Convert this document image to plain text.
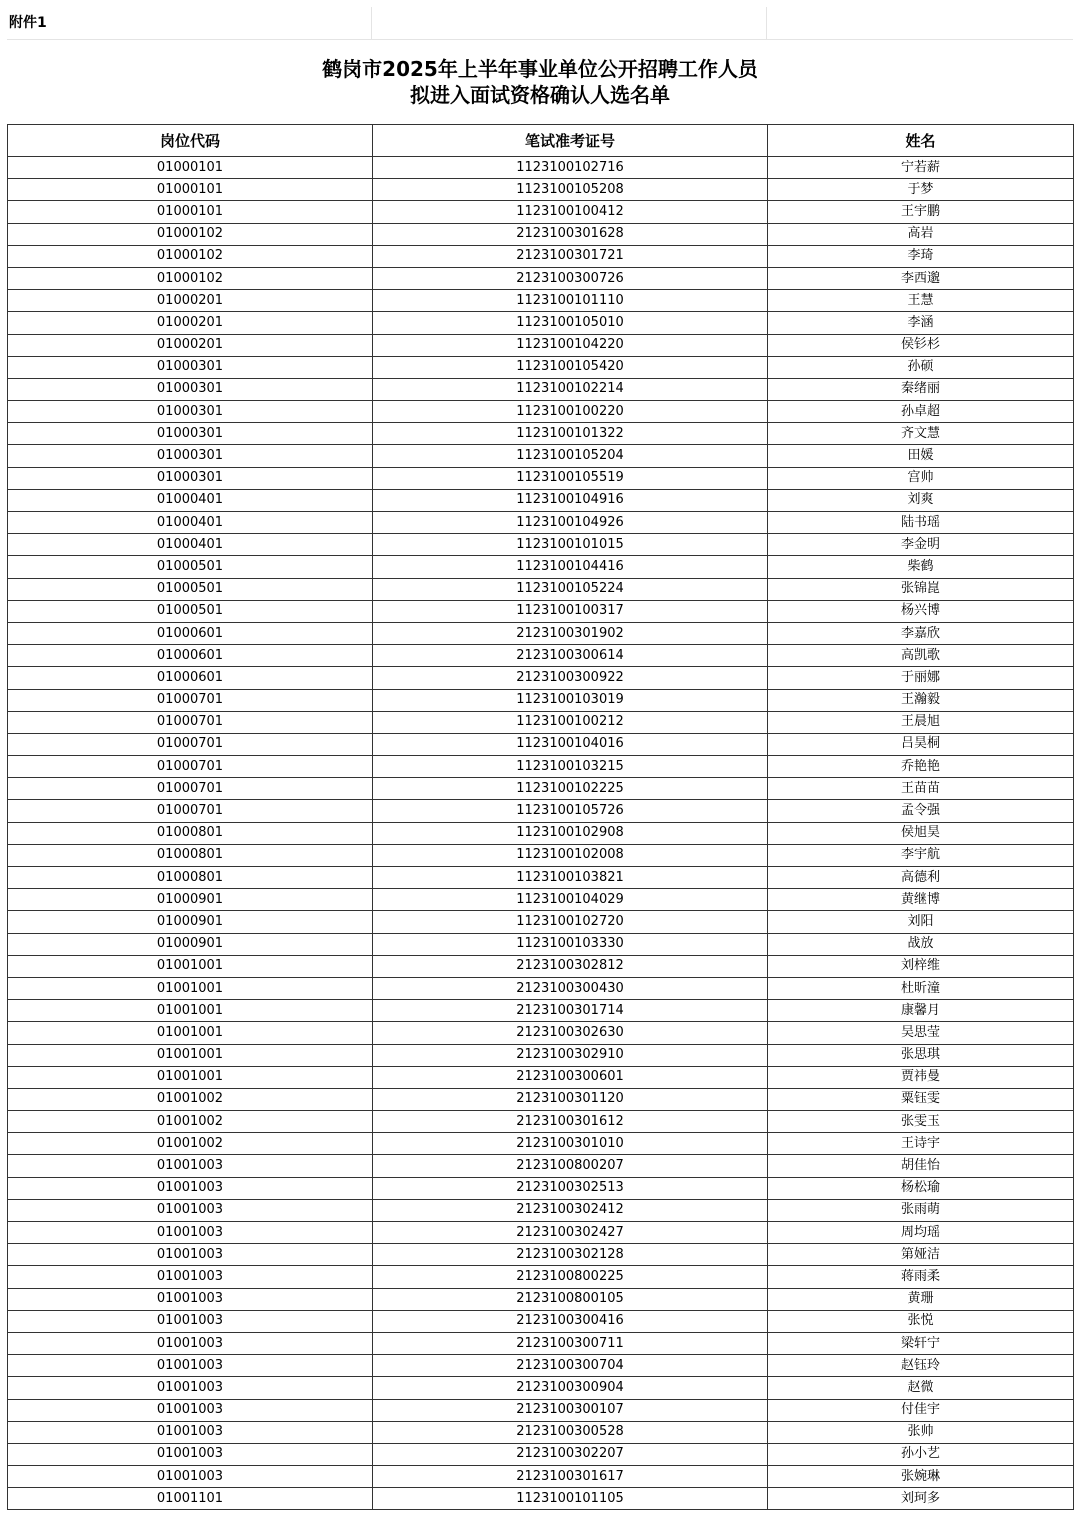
附件1
鹤岗市2025年上半年事业单位公开招聘工作人员
拟进入面试资格确认人选名单
岗位代码	笔试准考证号	姓名
01000101	1123100102716	宁若薪
01000101	1123100105208	于梦
01000101	1123100100412	王宇鹏
01000102	2123100301628	高岩
01000102	2123100301721	李琦
01000102	2123100300726	李西邈
01000201	1123100101110	王慧
01000201	1123100105010	李涵
01000201	1123100104220	侯钐杉
01000301	1123100105420	孙硕
01000301	1123100102214	秦绪丽
01000301	1123100100220	孙卓超
01000301	1123100101322	齐文慧
01000301	1123100105204	田媛
01000301	1123100105519	宫帅
01000401	1123100104916	刘爽
01000401	1123100104926	陆书瑶
01000401	1123100101015	李金明
01000501	1123100104416	柴鹤
01000501	1123100105224	张锦崑
01000501	1123100100317	杨兴博
01000601	2123100301902	李嘉欣
01000601	2123100300614	高凯歌
01000601	2123100300922	于丽娜
01000701	1123100103019	王瀚毅
01000701	1123100100212	王晨旭
01000701	1123100104016	吕昊桐
01000701	1123100103215	乔艳艳
01000701	1123100102225	王苗苗
01000701	1123100105726	孟令强
01000801	1123100102908	侯旭昊
01000801	1123100102008	李宇航
01000801	1123100103821	高德利
01000901	1123100104029	黄继博
01000901	1123100102720	刘阳
01000901	1123100103330	战放
01001001	2123100302812	刘梓维
01001001	2123100300430	杜昕潼
01001001	2123100301714	康馨月
01001001	2123100302630	吴思莹
01001001	2123100302910	张思琪
01001001	2123100300601	贾祎曼
01001002	2123100301120	粟钰雯
01001002	2123100301612	张雯玉
01001002	2123100301010	王诗宇
01001003	2123100800207	胡佳怡
01001003	2123100302513	杨松瑜
01001003	2123100302412	张雨萌
01001003	2123100302427	周均瑶
01001003	2123100302128	第娅洁
01001003	2123100800225	蒋雨柔
01001003	2123100800105	黄珊
01001003	2123100300416	张悦
01001003	2123100300711	梁轩宁
01001003	2123100300704	赵钰玲
01001003	2123100300904	赵微
01001003	2123100300107	付佳宇
01001003	2123100300528	张帅
01001003	2123100302207	孙小艺
01001003	2123100301617	张婉琳
01001101	1123100101105	刘珂多
